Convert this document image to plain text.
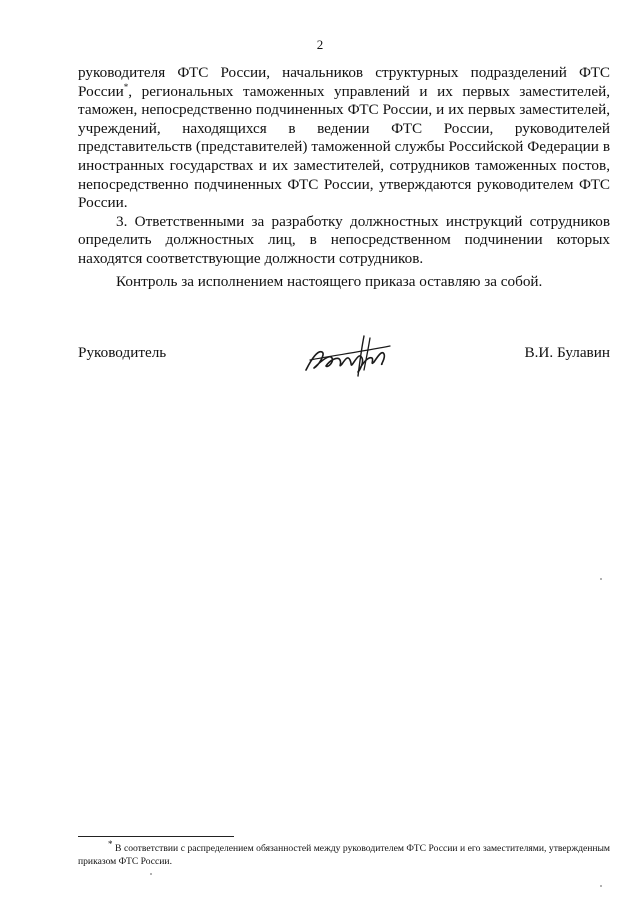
2

руководителя ФТС России, начальников структурных подразделений ФТС России*, региональных таможенных управлений и их первых заместителей, таможен, непосредственно подчиненных ФТС России, и их первых заместителей, учреждений, находящихся в ведении ФТС России, руководителей представительств (представителей) таможенной службы Российской Федерации в иностранных государствах и их заместителей, сотрудников таможенных постов, непосредственно подчиненных ФТС России, утверждаются руководителем ФТС России.

3. Ответственными за разработку должностных инструкций сотрудников определить должностных лиц, в непосредственном подчинении которых находятся соответствующие должности сотрудников.

Контроль за исполнением настоящего приказа оставляю за собой.

Руководитель	В.И. Булавин
* В соответствии с распределением обязанностей между руководителем ФТС России и его заместителями, утвержденным приказом ФТС России.
